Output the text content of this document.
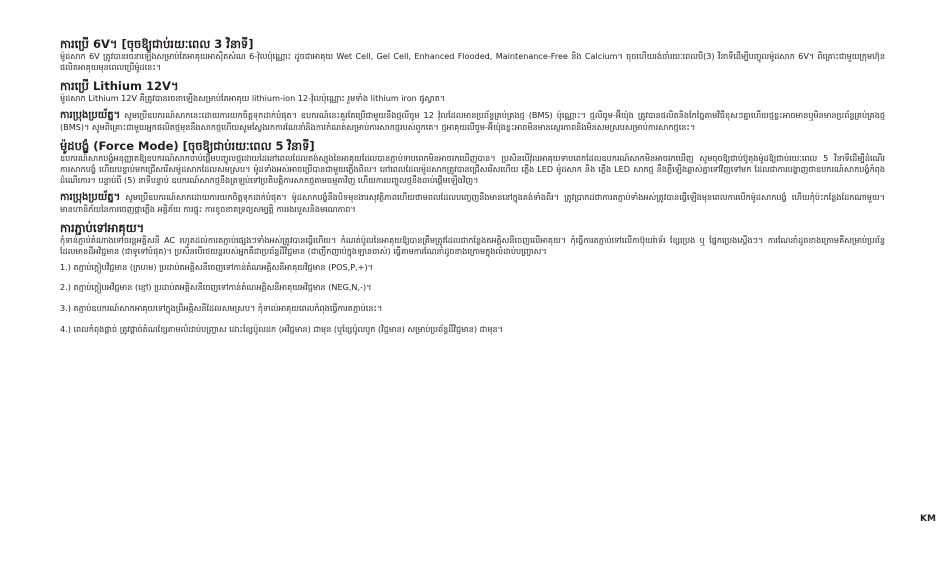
ការប្រើ 6V។ [ចុចឱ្យជាប់រយៈពេល 3 វិនាទី]

ម៉ូដសាក 6V ត្រូវបានរចនាឡើងសម្រាប់តែអាគុយអាស៊ីតសំណ 6-វ៉ុលប៉ុណ្ណោះ ដូចជាអាគុយ Wet Cell, Gel Cell, Enhanced Flooded, Maintenance-Free និង Calcium។ ចុចហើយរង់ចាំរយៈពេលបី(3) វិនាទីដើម្បីបញ្ចូលម៉ូដសាក 6V។ ពិគ្រោះជាមួយក្រុមហ៊ុនផលិតអាគុយមុនពេលប្រើម៉ូដនេះ។

ការប្រើ Lithium 12V។

ម៉ូដសាក Lithium 12V គឺត្រូវបានរចនាឡើងសម្រាប់តែអាគុយ lithium-ion 12-វ៉ុលប៉ុណ្ណោះ រួមទាំង lithium iron ផូស្វាត។

ការប្រុងប្រយ័ត្ន។ សូមប្រើឧបករណ៍សាកនេះដោយការយកចិត្តទុកដាក់បំផុត។ ឧបករណ៍នេះគួរតែប្រើជាមួយនឹងថ្មលីចូម 12 វ៉ុលដែលមានប្រព័ន្ធគ្រប់គ្រងថ្ម (BMS) ប៉ុណ្ណោះ។ ថ្មលីចូម-អ៊ីយ៉ុង ត្រូវបានផលិតនិងកែច្នៃតាមវិធីខុសៗគ្នាហើយថ្មខ្លះអាចមានឬមិនមានប្រព័ន្ធគ្រប់គ្រងថ្ម (BMS)។ សូមពិគ្រោះជាមួយអ្នកផលិតថ្មមុននឹងសាកថ្មហើយសូមស្វែងរកការណែនាំនិងការកំណត់សម្រាប់ការសាកថ្មរបស់ពួកគេ។ ថ្មអាគុយលីចូម-អ៊ីយ៉ុងខ្លះអាចមិនមានស្ថេរភាពនិងមិនសមស្របសម្រាប់ការសាកថ្មនេះ។

ម៉ូដបង្ខំ (Force Mode) [ចុចឱ្យជាប់រយៈពេល 5 វិនាទី]

ឧបករណ៍សាកបង្ខំអនុញ្ញាតឱ្យឧបករណ៍សាកចាប់ផ្តើមបញ្ចូលថ្មដោយដៃនៅពេលដែលតង់ស្យុងនៃអាគុយដែលបានភ្ជាប់ទាបពេកមិនអាចរកឃើញបាន។ ប្រសិនបើវ៉ុលអាគុយទាបពេកដែលឧបករណ៍សាកមិនអាចរកឃើញ សូមចុចឱ្យជាប់ប៊ូតុងម៉ូដឱ្យជាប់រយៈពេល 5 វិនាទីដើម្បីដំណើរការសាកបង្ខំ ហើយបន្ទាប់មកជ្រើសរើសម៉ូដសាកដែលសមស្រប។ ម៉ូដទាំងអស់អាចប្រើបានជាមួយភ្លើងពិល។ នៅពេលដែលម៉ូដសាកត្រូវបានជ្រើសរើសហើយ ភ្លើង LED ម៉ូដសាក និង ភ្លើង LED សាកថ្ម នឹងភ្លឺឡើងឆ្លាស់គ្នាទៅវិញទៅមក ដែលជាការបង្ហាញថាឧបករណ៍សាកបង្ខំកំពុងដំណើរការ។ បន្ទាប់ពី (5) នាទីបន្ទាប់ ឧបករណ៍សាកថ្មនឹងត្រឡប់ទៅប្រតិបត្តិការសាកថ្មតាមធម្មតាវិញ ហើយការបញ្ចូលថ្មនឹងចាប់ផ្តើមឡើងវិញ។

ការប្រុងប្រយ័ត្ន។ សូមប្រើឧបករណ៍សាកដោយការយកចិត្តទុកដាក់បំផុត។ ម៉ូដសាកបង្ខំនឹងបិទមុខងារសុវត្ថិភាពហើយថាមពលដែលបញ្ចេញនឹងមាននៅក្នុងតង់ទាំងពីរ។ ត្រូវប្រាកដថាការតភ្ជាប់ទាំងអស់ត្រូវបានធ្វើឡើងមុនពេលការបើកម៉ូដសាកបង្ខំ ហើយកុំប៉ះកន្លែងដែកណាមួយ។ មានហានិភ័យនៃការចេញផ្កាភ្លើង អគ្គិភ័យ ការផ្ទុះ ការខូចខាតទ្រព្យសម្បត្តិ ការរងរបួសនិងមរណភាព។

ការភ្ជាប់ទៅអាគុយ។

កុំទាន់ភ្ជាប់តំណាងទៅចរន្តអគ្គិសនី AC រហូតដល់ការតភ្ជាប់ផ្សេងៗទាំងអស់ត្រូវបានធ្វើហើយ។ កំណត់ប៉ូលនៃអាគុយឱ្យបានត្រឹមត្រូវដែលជាកន្លែងតអគ្គិសនីចេញលើអាគុយ។ កុំធ្វើការតភ្ជាប់ទៅលើកាប៊ុយរ៉ាទ័រ ខ្សែប្រេង ឬ ផ្នែកប្រេងស្តើងៗ។ ការណែនាំដូចខាងក្រោមគឺសម្រាប់ប្រព័ន្ធដែលមានដីអវិជ្ជមាន (ជាទូទៅបំផុត)។ ប្រសិនបើរថយន្តរបស់អ្នកគឺជាប្រព័ន្ធដីវិជ្ជមាន (ជាញឹកញាប់ក្នុងឡានចាស់) ធ្វើតាមការណែនាំដូចខាងក្រោមក្នុងលំដាប់បញ្ច្រាស។

1.) តភ្ជាប់ក្តៀបវិជ្ជមាន (ក្រហម) ប្រដាប់តអគ្គិសនីចេញទៅកាន់តំណអគ្គិសនីអាគុយវិជ្ជមាន (POS,P,+)។
2.) តភ្ជាប់ក្តៀបអវិជ្ជមាន (ខ្មៅ) ប្រដាប់តអគ្គិសនីចេញទៅកាន់តំណអគ្គិសនីអាគុយអវិជ្ជមាន (NEG,N,-)។
3.) តភ្ជាប់ឧបករណ៍សាកអាគុយទៅក្នុងព្រីអគ្គិសនីដែលសមស្រប។ កុំទាល់អាគុយពេលកំពុងធ្វើការតភ្ជាប់នេះ។
4.) ពេលកំពុងផ្តាច់ ត្រូវផ្តាច់តំណខ្សែតាមលំដាប់បញ្ច្រាស ដោះខ្សែប៉ូលដក (អវិជ្ជមាន) ជាមុន (ឬខ្សែប៉ូលបូក (វិជ្ជមាន) សម្រាប់ប្រព័ន្ធដីវិជ្ជមាន) ជាមុន។
KM
